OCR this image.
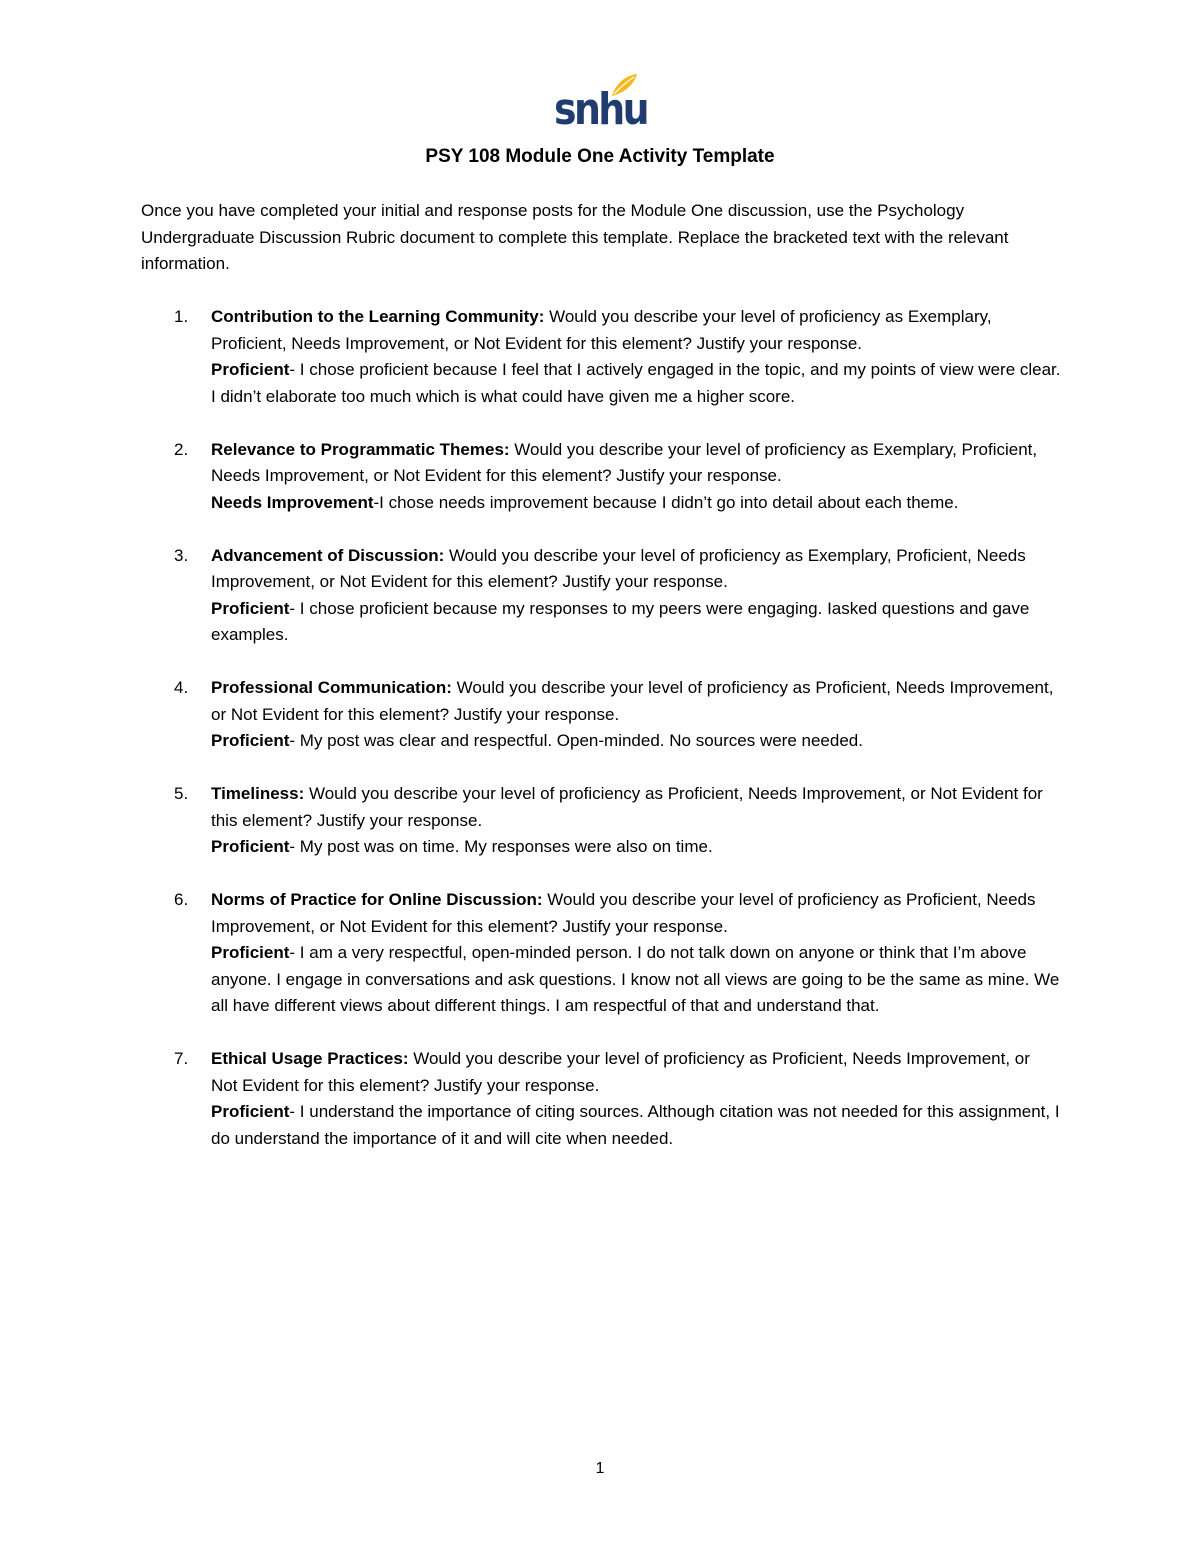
snhu
PSY 108 Module One Activity Template
Once you have completed your initial and response posts for the Module One discussion, use the Psychology Undergraduate Discussion Rubric document to complete this template. Replace the bracketed text with the relevant information.
1. Contribution to the Learning Community: Would you describe your level of proficiency as Exemplary, Proficient, Needs Improvement, or Not Evident for this element? Justify your response.
Proficient- I chose proficient because I feel that I actively engaged in the topic, and my points of view were clear. I didn’t elaborate too much which is what could have given me a higher score.
2. Relevance to Programmatic Themes: Would you describe your level of proficiency as Exemplary, Proficient, Needs Improvement, or Not Evident for this element? Justify your response.
Needs Improvement-I chose needs improvement because I didn’t go into detail about each theme.
3. Advancement of Discussion: Would you describe your level of proficiency as Exemplary, Proficient, Needs Improvement, or Not Evident for this element? Justify your response.
Proficient- I chose proficient because my responses to my peers were engaging. Iasked questions and gave examples.
4. Professional Communication: Would you describe your level of proficiency as Proficient, Needs Improvement, or Not Evident for this element? Justify your response.
Proficient- My post was clear and respectful. Open-minded. No sources were needed.
5. Timeliness: Would you describe your level of proficiency as Proficient, Needs Improvement, or Not Evident for this element? Justify your response.
Proficient- My post was on time. My responses were also on time.
6. Norms of Practice for Online Discussion: Would you describe your level of proficiency as Proficient, Needs Improvement, or Not Evident for this element? Justify your response.
Proficient- I am a very respectful, open-minded person. I do not talk down on anyone or think that I’m above anyone. I engage in conversations and ask questions. I know not all views are going to be the same as mine. We all have different views about different things. I am respectful of that and understand that.
7. Ethical Usage Practices: Would you describe your level of proficiency as Proficient, Needs Improvement, or Not Evident for this element? Justify your response.
Proficient- I understand the importance of citing sources. Although citation was not needed for this assignment, I do understand the importance of it and will cite when needed.
1
